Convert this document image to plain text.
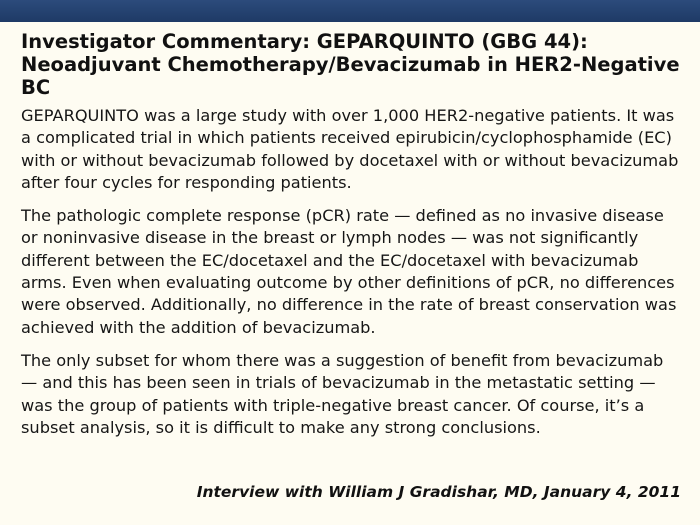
Investigator Commentary: GEPARQUINTO (GBG 44): Neoadjuvant Chemotherapy/Bevacizumab in HER2-Negative BC

GEPARQUINTO was a large study with over 1,000 HER2-negative patients. It was a complicated trial in which patients received epirubicin/cyclophosphamide (EC) with or without bevacizumab followed by docetaxel with or without bevacizumab after four cycles for responding patients.

The pathologic complete response (pCR) rate — defined as no invasive disease or noninvasive disease in the breast or lymph nodes — was not significantly different between the EC/docetaxel and the EC/docetaxel with bevacizumab arms. Even when evaluating outcome by other definitions of pCR, no differences were observed. Additionally, no difference in the rate of breast conservation was achieved with the addition of bevacizumab.

The only subset for whom there was a suggestion of benefit from bevacizumab — and this has been seen in trials of bevacizumab in the metastatic setting — was the group of patients with triple-negative breast cancer. Of course, it’s a subset analysis, so it is difficult to make any strong conclusions.

Interview with William J Gradishar, MD, January 4, 2011
